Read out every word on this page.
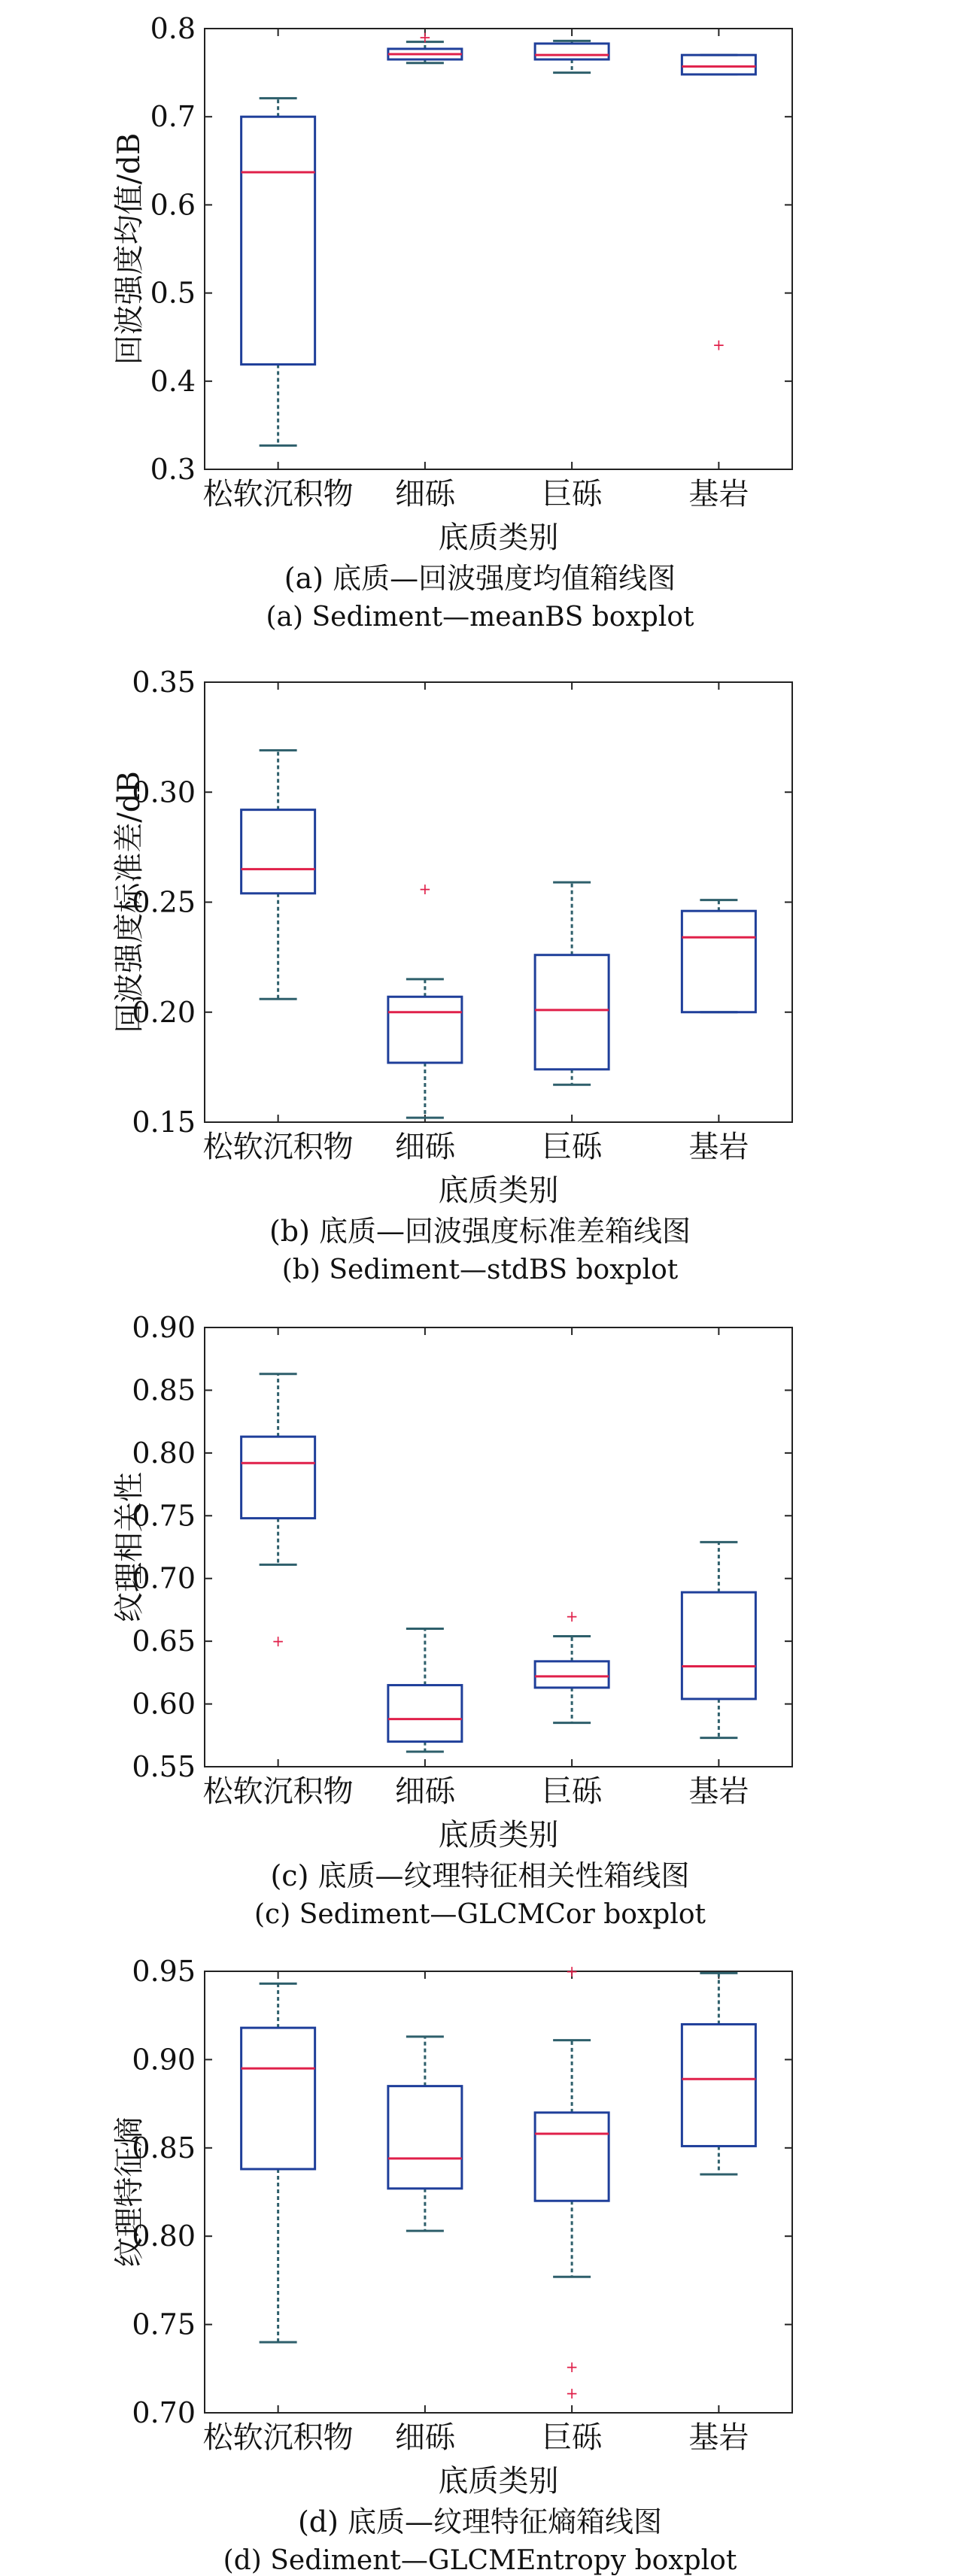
0.3
0.4
0.5
0.6
0.7
0.8
松软沉积物 细砾	巨砾	基岩
+
+
底质类别
回波强度均值/dB
(a) 底质—回波强度均值箱线图
(a) Sediment—meanBS boxplot
0.15
0.20
0.25
0.30
0.35
松软沉积物 细砾	巨砾	基岩
+
底质类别
回波强度标准差/dB
(b) 底质—回波强度标准差箱线图
(b) Sediment—stdBS boxplot
0.55
0.60
0.65
0.70
0.75
0.80
0.85
0.90
松软沉积物 细砾	巨砾	基岩
+
+
底质类别
纹理相关性
(c) 底质—纹理特征相关性箱线图
(c) Sediment—GLCMCor boxplot
0.70
0.75
0.80
0.85
0.90
0.95
松软沉积物 细砾	巨砾	基岩
+
+
+
底质类别
纹理特征熵
(d) 底质—纹理特征熵箱线图
(d) Sediment—GLCMEntropy boxplot
